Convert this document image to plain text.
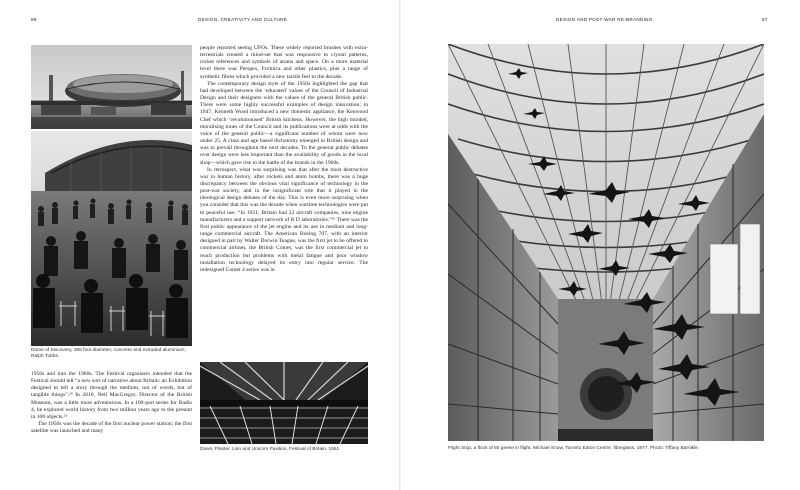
86	DESIGN, CREATIVITY AND CULTURE	DESIGN AND POST-WAR RE-BRANDING	87
Dome of Discovery, 365 foot diameter, concrete and extruded aluminium, Ralph Tubbs.

1950s and into the 1960s. The Festival organisers intended that the Festival should tell “a new sort of narrative about Britain: an Exhibition designed to tell a story through the medium, not of words, but of tangible things”.²⁴ In 2010, Neil MacGregor, Director of the British Museum, was a little more adventurous. In a 100-part series for Radio 4, he explored world history from two million years ago to the present in 100 objects.²⁵

The 1950s was the decade of the first nuclear power station; the first satellite was launched and many

people reported seeing UFOs. These widely reported brushes with extra-terrestrials created a mind-set that was responsive to crystal patterns, rocket references and symbols of atoms and space. On a more material level there was Perspex, Formica and other plastics, plus a range of synthetic fibres which provided a new tactile feel to the decade.

The contemporary design style of the 1950s highlighted the gap that had developed between the ‘educated’ values of the Council of Industrial Design and their designers with the values of the general British public. There were some highly successful examples of design innovation; in 1947, Kenneth Wood introduced a new domestic appliance, the Kenwood Chef which ‘revolutionised’ British kitchens. However, the high minded, moralising tones of the Council and its publications were at odds with the voice of the general public—a significant number of whom were now under 25. A class and age based dichotomy emerged in British design and was to prevail throughout the next decades. To the general public debates over design were less important than the availability of goods in the local shop—which gave rise to the battle of the brands in the 1960s.

In retrospect, what was surprising was that after the most destructive war in human history, after rockets and atom bombs, there was a huge discrepancy between the obvious vital significance of technology in the post-war society, and in the insignificant role that it played in the ideological design debates of the day. This is even more surprising when you consider that this was the decade when wartime technologies were put to peaceful use. “In 1951, Britain had 22 aircraft companies, nine engine manufacturers and a support network of R D laboratories.”²⁶ There was the first public appearance of the jet engine and its use in medium and long-range commercial aircraft. The American Boeing 707, with an interior designed in part by Walter Dorwin Teague, was the first jet to be offered to commercial airlines, the British Comet, was the first commercial jet to reach production but problems with metal fatigue and poor window installation technology delayed its entry into regular service. The redesigned Comet 4 series was in

Dows, Plaster, Lion and Unicorn Pavilion, Festival of Britain, 1951	Flight Stop, a flock of 60 geese in flight, Michael Snow, Toronto Eaton Centre, fibreglass, 1977. Photo: Tiffany Barnikle.
